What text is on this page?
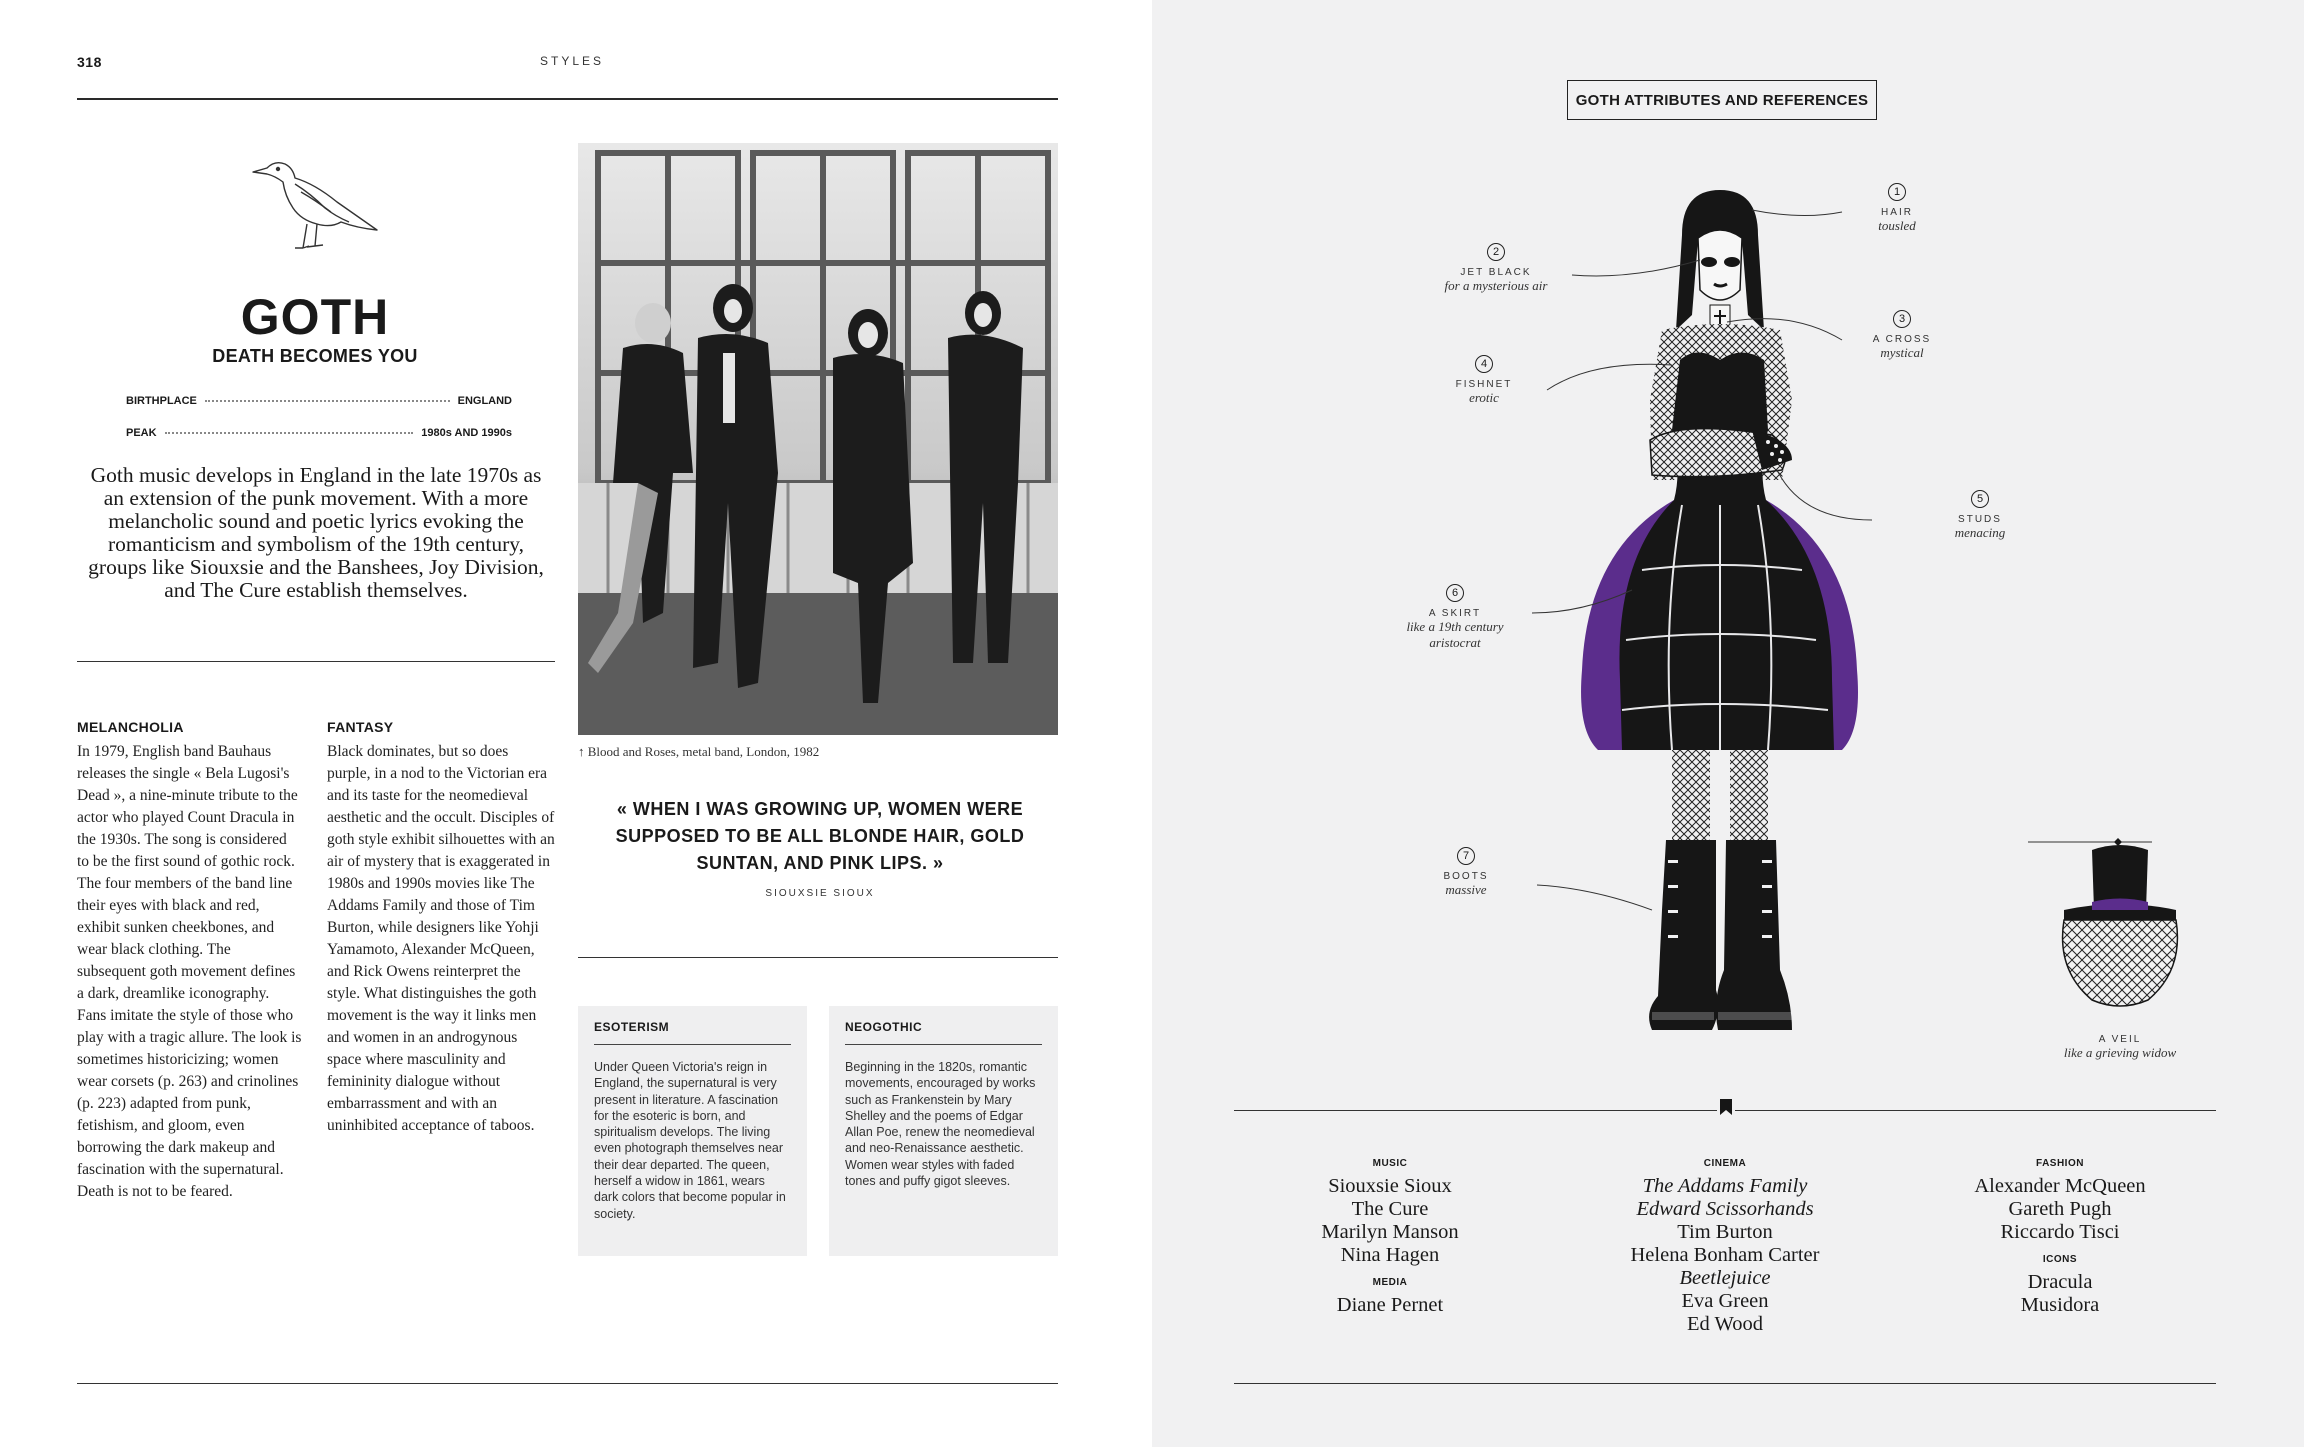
318	STYLES
GOTH
DEATH BECOMES YOU
BIRTHPLACE	ENGLAND
PEAK	1980s AND 1990s
Goth music develops in England in the late 1970s as an extension of the punk movement. With a more melancholic sound and poetic lyrics evoking the romanticism and symbolism of the 19th century, groups like Siouxsie and the Banshees, Joy Division, and The Cure establish themselves.
↑ Blood and Roses, metal band, London, 1982
MELANCHOLIA
In 1979, English band Bauhaus releases the single « Bela Lugosi's Dead », a nine-minute tribute to the actor who played Count Dracula in the 1930s. The song is considered to be the first sound of gothic rock. The four members of the band line their eyes with black and red, exhibit sunken cheekbones, and wear black clothing. The subsequent goth movement defines a dark, dreamlike iconography. Fans imitate the style of those who play with a tragic allure. The look is sometimes historicizing; women wear corsets (p. 263) and crinolines (p. 223) adapted from punk, fetishism, and gloom, even borrowing the dark makeup and fascination with the supernatural. Death is not to be feared.
FANTASY
Black dominates, but so does purple, in a nod to the Victorian era and its taste for the neomedieval aesthetic and the occult. Disciples of goth style exhibit silhouettes with an air of mystery that is exaggerated in 1980s and 1990s movies like The Addams Family and those of Tim Burton, while designers like Yohji Yamamoto, Alexander McQueen, and Rick Owens reinterpret the style. What distinguishes the goth movement is the way it links men and women in an androgynous space where masculinity and femininity dialogue without embarrassment and with an uninhibited acceptance of taboos.
« WHEN I WAS GROWING UP, WOMEN WERE SUPPOSED TO BE ALL BLONDE HAIR, GOLD SUNTAN, AND PINK LIPS. »
SIOUXSIE SIOUX
ESOTERISM
Under Queen Victoria's reign in England, the supernatural is very present in literature. A fascination for the esoteric is born, and spiritualism develops. The living even photograph themselves near their dear departed. The queen, herself a widow in 1861, wears dark colors that become popular in society.
NEOGOTHIC
Beginning in the 1820s, romantic movements, encouraged by works such as Frankenstein by Mary Shelley and the poems of Edgar Allan Poe, renew the neomedieval and neo-Renaissance aesthetic. Women wear styles with faded tones and puffy gigot sleeves.
GOTH ATTRIBUTES AND REFERENCES
1
HAIR
tousled
2
JET BLACK
for a mysterious air
3
A CROSS
mystical
4
FISHNET
erotic
5
STUDS
menacing
6
A SKIRT
like a 19th century aristocrat
7
BOOTS
massive
A VEIL
like a grieving widow
MUSIC
Siouxsie Sioux
The Cure
Marilyn Manson
Nina Hagen
MEDIA
Diane Pernet
CINEMA
The Addams Family
Edward Scissorhands
Tim Burton
Helena Bonham Carter
Beetlejuice
Eva Green
Ed Wood
FASHION
Alexander McQueen
Gareth Pugh
Riccardo Tisci
ICONS
Dracula
Musidora
